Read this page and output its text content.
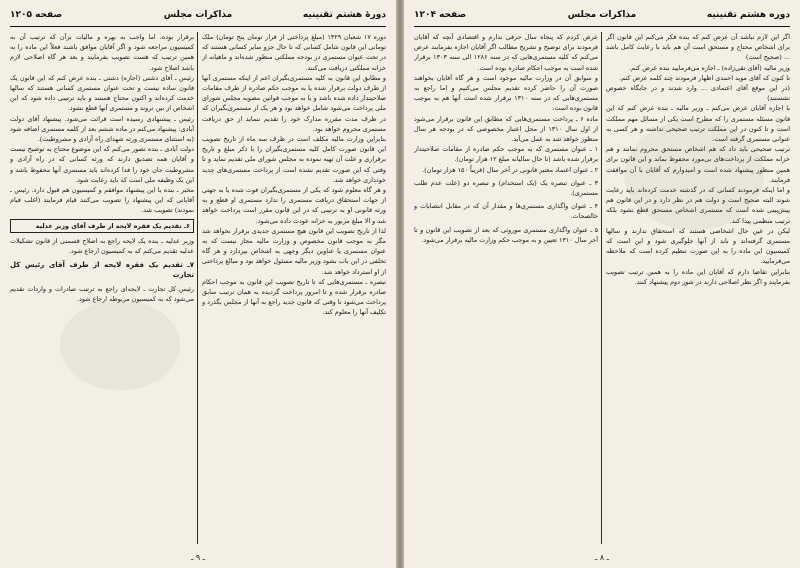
دورهٔ هشتم تقنینیه
مذاکرات مجلس
صفحه ۱۲۰۵
دوره ۱۷ شعبان ۱۳۲۹ (مبلغ پرداختی از قرار تومان پنج تومان) ملک تومانی این قانون شامل کسانی که تا حال جزو سایر کسانی هستند که در تحت عنوان مستمری در بودجه مملکتی منظور شده‌اند و ماهیانه از خزانه مملکتی دریافت می‌کنند.
و مطابق این قانون به کلیه مستمری‌بگیران اعم از اینکه مستمری آنها از طرف دولت برقرار شده یا به موجب حکم صادره از طرف مقامات صلاحیتدار داده شده باشد و یا به موجب قوانین مصوبه مجلس شورای ملی پرداخت می‌شود شامل خواهد بود و هر یک از مستمری‌بگیران که در ظرف مدت مقرره مدارک خود را تقدیم ننماید از حق دریافت مستمری محروم خواهد بود.
بنابراین وزارت مالیه مکلف است در ظرف سه ماه از تاریخ تصویب این قانون صورت کامل کلیه مستمری‌بگیران را با ذکر مبلغ و تاریخ برقراری و علت آن تهیه نموده به مجلس شورای ملی تقدیم نماید و تا وقتی که این صورت تقدیم نشده است از پرداخت مستمری‌های جدید خودداری خواهد شد.
و هر گاه معلوم شود که یکی از مستمری‌بگیران فوت شده یا به جهتی از جهات استحقاق دریافت مستمری را ندارد مستمری او قطع و به ورثه قانونی او به ترتیبی که در این قانون مقرر است پرداخت خواهد شد و الا مبلغ مزبور به خزانه عودت داده می‌شود.
لذا از تاریخ تصویب این قانون هیچ مستمری جدیدی برقرار نخواهد شد مگر به موجب قانون مخصوص و وزارت مالیه مجاز نیست که به عنوان مستمری یا عناوین دیگر وجهی به اشخاص بپردازد و هر گاه تخلفی در این باب بشود وزیر مالیه مسئول خواهد بود و مبالغ پرداختی از او استرداد خواهد شد.
تبصره ـ مستمری‌هایی که تا تاریخ تصویب این قانون به موجب احکام صادره برقرار شده و تا امروز پرداخت گردیده به همان ترتیب سابق پرداخت می‌شود تا وقتی که قانون جدید راجع به آنها از مجلس بگذرد و تکلیف آنها را معلوم کند.
برقرار بوده، اما واجب به بهره و مالیات برآن که ترتیب آن به کمیسیون مراجعه شود و اگر آقایان موافق باشند فعلاً این ماده را به همین ترتیب که هست تصویب بفرمایند و بعد هر گاه اصلاحی لازم باشد اصلاح شود.
رئیس ـ آقای دشتی (اجازه) دشتی ـ بنده عرض کنم که این قانون یک قانون ساده نیست و تحت عنوان مستمری کسانی هستند که سالها خدمت کرده‌اند و اکنون محتاج هستند و باید ترتیبی داده شود که این اشخاص از بین نروند و مستمری آنها قطع نشود.
رئیس ـ پیشنهادی رسیده است قرائت می‌شود. پیشنهاد آقای دولت آبادی: پیشنهاد می‌کنم در ماده ششم بعد از کلمه مستمری اضافه شود (به استثنای مستمری ورثه شهدای راه آزادی و مشروطیت).
دولت آبادی ـ بنده تصور می‌کنم که این موضوع محتاج به توضیح نیست و آقایان همه تصدیق دارند که ورثه کسانی که در راه آزادی و مشروطیت جان خود را فدا کرده‌اند باید مستمری آنها محفوظ باشد و این یک وظیفه ملی است که باید رعایت شود.
مخبر ـ بنده با این پیشنهاد موافقم و کمیسیون هم قبول دارد. رئیس ـ آقایانی که این پیشنهاد را تصویب می‌کنند قیام فرمایند (اغلب قیام نمودند) تصویب شد.
۶ـ تقدیم یک فقره لایحه از طرف آقای وزیر عدلیه
وزیر عدلیه ـ بنده یک لایحه راجع به اصلاح قسمتی از قانون تشکیلات عدلیه تقدیم می‌کنم که به کمیسیون ارجاع شود.
۷ـ تقدیم یک فقره لایحه از طرف آقای رئیس کل تجارت
رئیس کل تجارت ـ لایحه‌ای راجع به ترتیب صادرات و واردات تقدیم می‌شود که به کمیسیون مربوطه ارجاع شود.
ـ ۹ ـ
دوره هشتم تقنینیه
مذاکرات مجلس
صفحه ۱۲۰۴
اگر این لازم نباشد آن عرض کنم که بنده فکر می‌کنم این قانون اگر برای اشخاص محتاج و مستحق است آن هم باید با رعایت کامل باشد ... (صحیح است)
وزیر مالیه (آقای تقی‌زاده) ـ اجازه می‌فرمایید بنده عرض کنم.
تا کنون که آقای موید احمدی اظهار فرمودند چند کلمه عرض کنم.
(در این موقع آقای اعتمادی ... وارد شدند و در جایگاه خصوص نشستند)
با اجازه آقایان عرض می‌کنم ـ وزیر مالیه ـ بنده عرض کنم که این قانون مسئله مستمری را که مطرح است یکی از مسائل مهم مملکت است و تا کنون در این مملکت ترتیب صحیحی نداشته و هر کسی به عنوانی مستمری گرفته است.
ترتیب صحیحی باید داد که هم اشخاص مستحق محروم نمانند و هم خزانه مملکت از پرداخت‌های بی‌مورد محفوظ بماند و این قانون برای همین منظور پیشنهاد شده است و امیدوارم که آقایان با آن موافقت فرمایند.
و اما اینکه فرمودند کسانی که در گذشته خدمت کرده‌اند باید رعایت شوند البته صحیح است و دولت هم در نظر دارد و در این قانون هم پیش‌بینی شده است که مستمری اشخاص مستحق قطع نشود بلکه ترتیب منظمی پیدا کند.
لیکن در عین حال اشخاصی هستند که استحقاق ندارند و سالها مستمری گرفته‌اند و باید از آنها جلوگیری شود و این است که کمیسیون این ماده را به این صورت تنظیم کرده است که ملاحظه می‌فرمایید.
بنابراین تقاضا دارم که آقایان این ماده را به همین ترتیب تصویب بفرمایند و اگر نظر اصلاحی دارند در شور دوم پیشنهاد کنند.
عرض کردم که پنجاه سال حرفی ندارم و اقتصادی آنچه که آقایان فرمودند برای توضیح و تشریح مطالب اگر آقایان اجازه بفرمایند عرض می‌کنم که کلیه مستمری‌هایی که در سنه ۱۲۸۶ الی سنه ۱۳۰۳ برقرار شده است به موجب احکام صادره بوده است.
و سوابق آن در وزارت مالیه موجود است و هر گاه آقایان بخواهند صورت آن را حاضر کرده تقدیم مجلس می‌کنیم و اما راجع به مستمری‌هایی که در سنه ۱۳۱۰ برقرار شده است آنها هم به موجب قانون بوده است.
ماده ۶ ـ پرداخت مستمری‌هایی که مطابق این قانون برقرار می‌شود از اول سال ۱۳۱۰ از محل اعتبار مخصوصی که در بودجه هر سال منظور خواهد شد به عمل می‌آید.
۱ ـ عنوان مستمری که به موجب حکم صادره از مقامات صلاحیتدار برقرار شده باشد (تا حال سالیانه مبلغ ۱۲ هزار تومان).
۲ ـ عنوان اعتماد معتبر قانونی در آخر سال (قریباً ۱۵۰ هزار تومان).
۳ ـ عنوان تبصره یک (یک استخدام) و تبصره دو (علت عدم طلب مستمری).
۴ ـ عنوان واگذاری مستمری‌ها و مقدار آن که در مقابل انتصابات و خالصجات.
۵ ـ عنوان واگذاری مستمری موروثی که بعد از تصویب این قانون و تا آخر سال ۱۳۱۰ تعیین و به موجب حکم وزارت مالیه برقرار می‌شود.
ـ ۸ ـ
